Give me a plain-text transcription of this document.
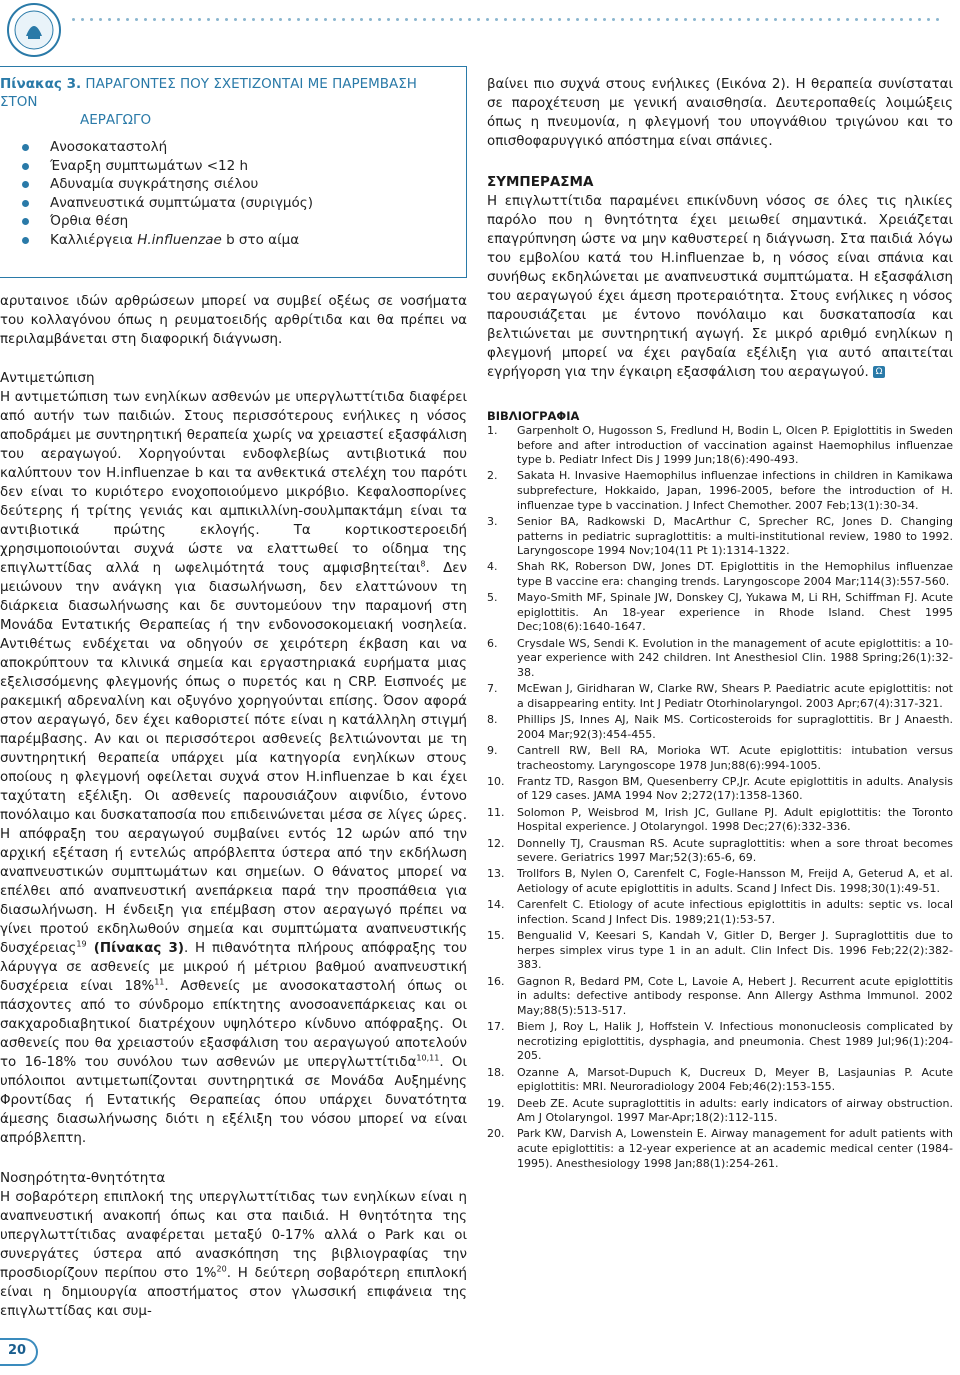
Πίνακας 3. ΠΑΡΑΓΟΝΤΕΣ ΠΟΥ ΣΧΕΤΙΖΟΝΤΑΙ ΜΕ ΠΑΡΕΜΒΑΣΗ ΣΤΟΝ
ΑΕΡΑΓΩΓΟ
Ανοσοκαταστολή
Έναρξη συμπτωμάτων <12 h
Αδυναμία συγκράτησης σιέλου
Αναπνευστικά συμπτώματα (συριγμός)
Όρθια θέση
Καλλιέργεια H.influenzae b στο αίμα

αρυταινοε ιδών αρθρώσεων μπορεί να συμβεί οξέως σε νοσήματα του κολλαγόνου όπως η ρευματοειδής αρθρίτιδα και θα πρέπει να περιλαμβάνεται στη διαφορική διάγνωση.

Αντιμετώπιση

Η αντιμετώπιση των ενηλίκων ασθενών με υπεργλωττίτιδα διαφέρει από αυτήν των παιδιών. Στους περισσότερους ενήλικες η νόσος αποδράμει με συντηρητική θεραπεία χωρίς να χρειαστεί εξασφάλιση του αεραγωγού. Χορηγούνται ενδοφλεβίως αντιβιοτικά που καλύπτουν τον H.influenzae b και τα ανθεκτικά στελέχη του παρότι δεν είναι το κυριότερο ενοχοποιούμενο μικρόβιο. Κεφαλοσπορίνες δεύτερης ή τρίτης γενιάς και αμπικιλλίνη-σουλμπακτάμη είναι τα αντιβιοτικά πρώτης εκλογής. Τα κορτικοστεροειδή χρησιμοποιούνται συχνά ώστε να ελαττωθεί το οίδημα της επιγλωττίδας αλλά η ωφελιμότητά τους αμφισβητείται$^8$. Δεν μειώνουν την ανάγκη για διασωλήνωση, δεν ελαττώνουν τη διάρκεια διασωλήνωσης και δε συντομεύουν την παραμονή στη Μονάδα Εντατικής Θεραπείας ή την ενδονοσοκομειακή νοσηλεία. Αντιθέτως ενδέχεται να οδηγούν σε χειρότερη έκβαση και να αποκρύπτουν τα κλινικά σημεία και εργαστηριακά ευρήματα μιας εξελισσόμενης φλεγμονής όπως ο πυρετός και η CRP. Εισπνοές με ρακεμική αδρεναλίνη και οξυγόνο χορηγούνται επίσης. Όσον αφορά στον αεραγωγό, δεν έχει καθοριστεί πότε είναι η κατάλληλη στιγμή παρέμβασης. Αν και οι περισσότεροι ασθενείς βελτιώνονται με τη συντηρητική θεραπεία υπάρχει μία κατηγορία ενηλίκων στους οποίους η φλεγμονή οφείλεται συχνά στον H.influenzae b και έχει ταχύτατη εξέλιξη. Οι ασθενείς παρουσιάζουν αιφνίδιο, έντονο πονόλαιμο και δυσκαταποσία που επιδεινώνεται μέσα σε λίγες ώρες. Η απόφραξη του αεραγωγού συμβαίνει εντός 12 ωρών από την αρχική εξέταση ή εντελώς απρόβλεπτα ύστερα από την εκδήλωση αναπνευστικών συμπτωμάτων και σημείων. Ο θάνατος μπορεί να επέλθει από αναπνευστική ανεπάρκεια παρά την προσπάθεια για διασωλήνωση. Η ένδειξη για επέμβαση στον αεραγωγό πρέπει να γίνει προτού εκδηλωθούν σημεία και συμπτώματα αναπνευστικής δυσχέρειας$^{19}$ (Πίνακας 3). Η πιθανότητα πλήρους απόφραξης του λάρυγγα σε ασθενείς με μικρού ή μέτριου βαθμού αναπνευστική δυσχέρεια είναι 18%$^{11}$. Ασθενείς με ανοσοκαταστολή όπως οι πάσχοντες από το σύνδρομο επίκτητης ανοσοανεπάρκειας και οι σακχαροδιαβητικοί διατρέχουν υψηλότερο κίνδυνο απόφραξης. Οι ασθενείς που θα χρειαστούν εξασφάλιση του αεραγωγού αποτελούν το 16-18% του συνόλου των ασθενών με υπεργλωττίτιδα$^{10,11}$. Οι υπόλοιποι αντιμετωπίζονται συντηρητικά σε Μονάδα Αυξημένης Φροντίδας ή Εντατικής Θεραπείας όπου υπάρχει δυνατότητα άμεσης διασωλήνωσης διότι η εξέλιξη του νόσου μπορεί να είναι απρόβλεπτη.

Νοσηρότητα-θνητότητα

Η σοβαρότερη επιπλοκή της υπεργλωττίτιδας των ενηλίκων είναι η αναπνευστική ανακοπή όπως και στα παιδιά. Η θνητότητα της υπεργλωττίτιδας αναφέρεται μεταξύ 0-17% αλλά ο Park και οι συνεργάτες ύστερα από ανασκόπηση της βιβλιογραφίας την προσδιορίζουν περίπου στο 1%$^{20}$. Η δεύτερη σοβαρότερη επιπλοκή είναι η δημιουργία αποστήματος στον γλωσσική επιφάνεια της επιγλωττίδας και συμ-

βαίνει πιο συχνά στους ενήλικες (Εικόνα 2). Η θεραπεία συνίσταται σε παροχέτευση με γενική αναισθησία. Δευτεροπαθείς λοιμώξεις όπως η πνευμονία, η φλεγμονή του υπογνάθιου τριγώνου και το οπισθοφαρυγγικό απόστημα είναι σπάνιες.

ΣΥΜΠΕΡΑΣΜΑ

Η επιγλωττίτιδα παραμένει επικίνδυνη νόσος σε όλες τις ηλικίες παρόλο που η θνητότητα έχει μειωθεί σημαντικά. Χρειάζεται επαγρύπνηση ώστε να μην καθυστερεί η διάγνωση. Στα παιδιά λόγω του εμβολίου κατά του H.influenzae b, η νόσος είναι σπάνια και συνήθως εκδηλώνεται με αναπνευστικά συμπτώματα. Η εξασφάλιση του αεραγωγού έχει άμεση προτεραιότητα. Στους ενήλικες η νόσος παρουσιάζεται με έντονο πονόλαιμο και δυσκαταποσία και βελτιώνεται με συντηρητική αγωγή. Σε μικρό αριθμό ενηλίκων η φλεγμονή μπορεί να έχει ραγδαία εξέλιξη για αυτό απαιτείται εγρήγορση για την έγκαιρη εξασφάλιση του αεραγωγού. Ω

ΒΙΒΛΙΟΓΡΑΦΙΑ
1. Garpenholt O, Hugosson S, Fredlund H, Bodin L, Olcen P. Epiglottitis in Sweden before and after introduction of vaccination against Haemophilus influenzae type b. Pediatr Infect Dis J 1999 Jun;18(6):490-493.
2. Sakata H. Invasive Haemophilus influenzae infections in children in Kamikawa subprefecture, Hokkaido, Japan, 1996-2005, before the introduction of H. influenzae type b vaccination. J Infect Chemother. 2007 Feb;13(1):30-34.
3. Senior BA, Radkowski D, MacArthur C, Sprecher RC, Jones D. Changing patterns in pediatric supraglottitis: a multi-institutional review, 1980 to 1992. Laryngoscope 1994 Nov;104(11 Pt 1):1314-1322.
4. Shah RK, Roberson DW, Jones DT. Epiglottitis in the Hemophilus influenzae type B vaccine era: changing trends. Laryngoscope 2004 Mar;114(3):557-560.
5. Mayo-Smith MF, Spinale JW, Donskey CJ, Yukawa M, Li RH, Schiffman FJ. Acute epiglottitis. An 18-year experience in Rhode Island. Chest 1995 Dec;108(6):1640-1647.
6. Crysdale WS, Sendi K. Evolution in the management of acute epiglottitis: a 10-year experience with 242 children. Int Anesthesiol Clin. 1988 Spring;26(1):32-38.
7. McEwan J, Giridharan W, Clarke RW, Shears P. Paediatric acute epiglottitis: not a disappearing entity. Int J Pediatr Otorhinolaryngol. 2003 Apr;67(4):317-321.
8. Phillips JS, Innes AJ, Naik MS. Corticosteroids for supraglottitis. Br J Anaesth. 2004 Mar;92(3):454-455.
9. Cantrell RW, Bell RA, Morioka WT. Acute epiglottitis: intubation versus tracheostomy. Laryngoscope 1978 Jun;88(6):994-1005.
10. Frantz TD, Rasgon BM, Quesenberry CP,Jr. Acute epiglottitis in adults. Analysis of 129 cases. JAMA 1994 Nov 2;272(17):1358-1360.
11. Solomon P, Weisbrod M, Irish JC, Gullane PJ. Adult epiglottitis: the Toronto Hospital experience. J Otolaryngol. 1998 Dec;27(6):332-336.
12. Donnelly TJ, Crausman RS. Acute supraglottitis: when a sore throat becomes severe. Geriatrics 1997 Mar;52(3):65-6, 69.
13. Trollfors B, Nylen O, Carenfelt C, Fogle-Hansson M, Freijd A, Geterud A, et al. Aetiology of acute epiglottitis in adults. Scand J Infect Dis. 1998;30(1):49-51.
14. Carenfelt C. Etiology of acute infectious epiglottitis in adults: septic vs. local infection. Scand J Infect Dis. 1989;21(1):53-57.
15. Bengualid V, Keesari S, Kandah V, Gitler D, Berger J. Supraglottitis due to herpes simplex virus type 1 in an adult. Clin Infect Dis. 1996 Feb;22(2):382-383.
16. Gagnon R, Bedard PM, Cote L, Lavoie A, Hebert J. Recurrent acute epiglottitis in adults: defective antibody response. Ann Allergy Asthma Immunol. 2002 May;88(5):513-517.
17. Biem J, Roy L, Halik J, Hoffstein V. Infectious mononucleosis complicated by necrotizing epiglottitis, dysphagia, and pneumonia. Chest 1989 Jul;96(1):204-205.
18. Ozanne A, Marsot-Dupuch K, Ducreux D, Meyer B, Lasjaunias P. Acute epiglottitis: MRI. Neuroradiology 2004 Feb;46(2):153-155.
19. Deeb ZE. Acute supraglottitis in adults: early indicators of airway obstruction. Am J Otolaryngol. 1997 Mar-Apr;18(2):112-115.
20. Park KW, Darvish A, Lowenstein E. Airway management for adult patients with acute epiglottitis: a 12-year experience at an academic medical center (1984-1995). Anesthesiology 1998 Jan;88(1):254-261.
20
